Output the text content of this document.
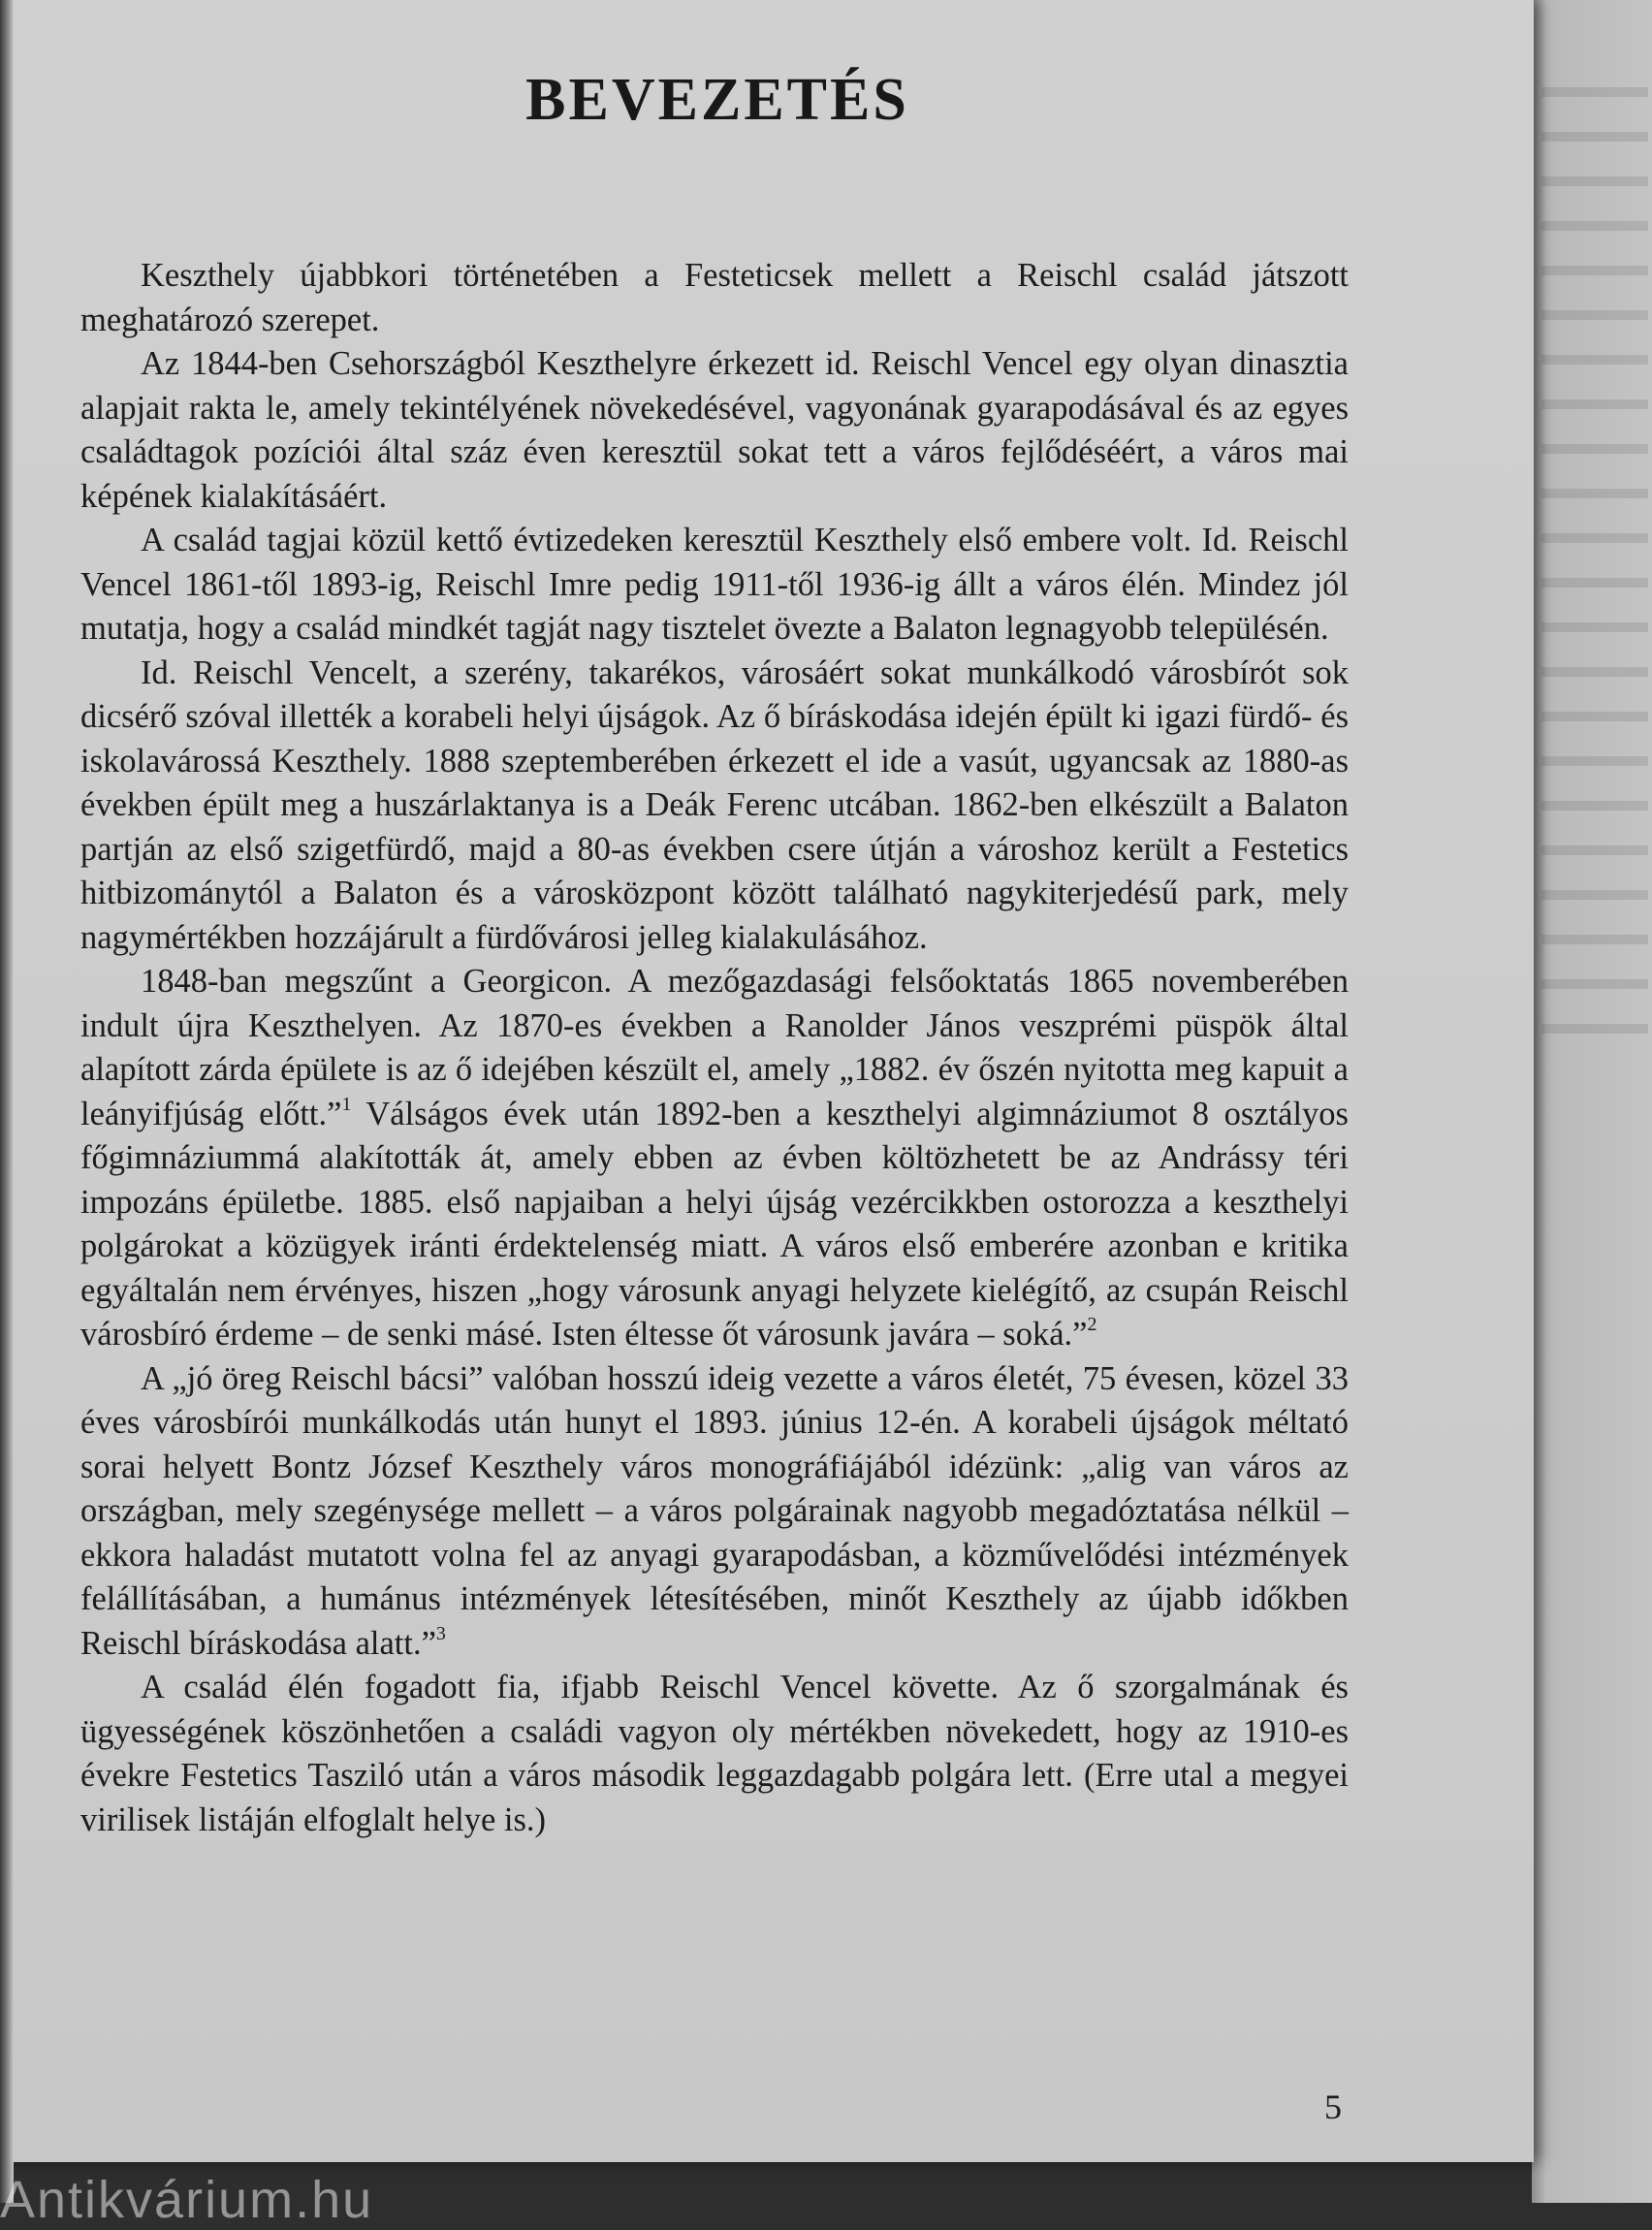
BEVEZETÉS

Keszthely újabbkori történetében a Festeticsek mellett a Reischl család játszott meghatározó szerepet.

Az 1844-ben Csehországból Keszthelyre érkezett id. Reischl Vencel egy olyan dinasztia alapjait rakta le, amely tekintélyének növekedésével, vagyonának gyarapodásával és az egyes családtagok pozíciói által száz éven keresztül sokat tett a város fejlődéséért, a város mai képének kialakításáért.

A család tagjai közül kettő évtizedeken keresztül Keszthely első embere volt. Id. Reischl Vencel 1861-től 1893-ig, Reischl Imre pedig 1911-től 1936-ig állt a város élén. Mindez jól mutatja, hogy a család mindkét tagját nagy tisztelet övezte a Balaton legnagyobb településén.

Id. Reischl Vencelt, a szerény, takarékos, városáért sokat munkálkodó városbírót sok dicsérő szóval illették a korabeli helyi újságok. Az ő bíráskodása idején épült ki igazi fürdő- és iskolavárossá Keszthely. 1888 szeptemberében érkezett el ide a vasút, ugyancsak az 1880-as években épült meg a huszárlaktanya is a Deák Ferenc utcában. 1862-ben elkészült a Balaton partján az első szigetfürdő, majd a 80-as években csere útján a városhoz került a Festetics hitbizománytól a Balaton és a városközpont között található nagykiterjedésű park, mely nagymértékben hozzájárult a fürdővárosi jelleg kialakulásához.

1848-ban megszűnt a Georgicon. A mezőgazdasági felsőoktatás 1865 novemberében indult újra Keszthelyen. Az 1870-es években a Ranolder János veszprémi püspök által alapított zárda épülete is az ő idejében készült el, amely „1882. év őszén nyitotta meg kapuit a leányifjúság előtt.”$^1$ Válságos évek után 1892-ben a keszthelyi algimnáziumot 8 osztályos főgimnáziummá alakították át, amely ebben az évben költözhetett be az Andrássy téri impozáns épületbe. 1885. első napjaiban a helyi újság vezércikkben ostorozza a keszthelyi polgárokat a közügyek iránti érdektelenség miatt. A város első emberére azonban e kritika egyáltalán nem érvényes, hiszen „hogy városunk anyagi helyzete kielégítő, az csupán Reischl városbíró érdeme – de senki másé. Isten éltesse őt városunk javára – soká.”$^2$

A „jó öreg Reischl bácsi” valóban hosszú ideig vezette a város életét, 75 évesen, közel 33 éves városbírói munkálkodás után hunyt el 1893. június 12-én. A korabeli újságok méltató sorai helyett Bontz József Keszthely város monográfiájából idézünk: „alig van város az országban, mely szegénysége mellett – a város polgárainak nagyobb megadóztatása nélkül – ekkora haladást mutatott volna fel az anyagi gyarapodásban, a közművelődési intézmények felállításában, a humánus intézmények létesítésében, minőt Keszthely az újabb időkben Reischl bíráskodása alatt.”$^3$

A család élén fogadott fia, ifjabb Reischl Vencel követte. Az ő szorgalmának és ügyességének köszönhetően a családi vagyon oly mértékben növekedett, hogy az 1910-es évekre Festetics Tasziló után a város második leggazdagabb polgára lett. (Erre utal a megyei virilisek listáján elfoglalt helye is.)

5
Antikvárium.hu
